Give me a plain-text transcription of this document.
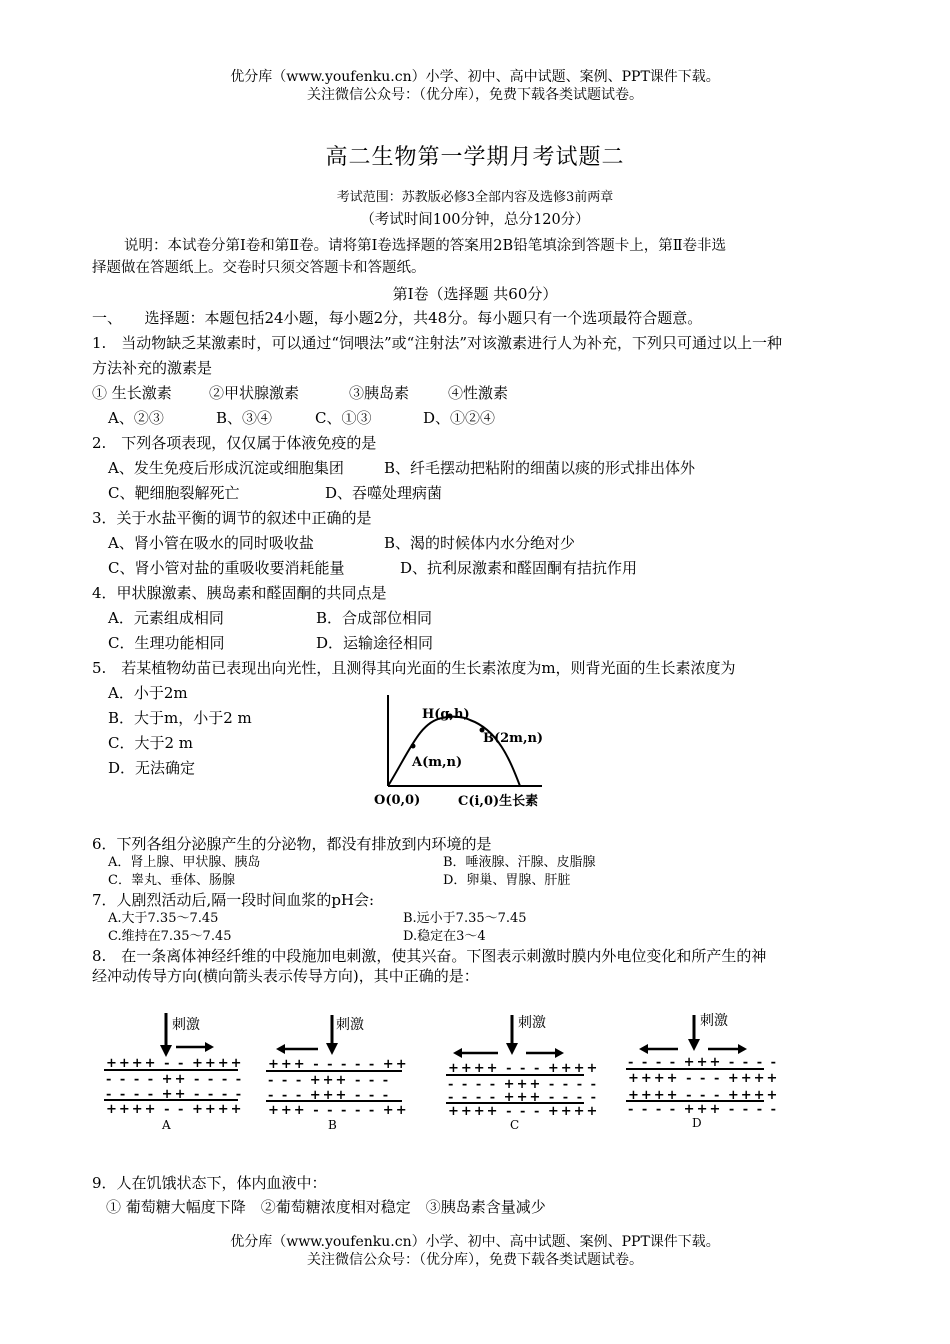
优分库（www.youfenku.cn）小学、初中、高中试题、案例、PPT课件下载。
关注微信公众号：（优分库），免费下载各类试题试卷。
高二生物第一学期月考试题二
考试范围：苏教版必修3全部内容及选修3前两章
（考试时间100分钟，总分120分）
说明：本试卷分第Ⅰ卷和第Ⅱ卷。请将第Ⅰ卷选择题的答案用2B铅笔填涂到答题卡上，第Ⅱ卷非选
择题做在答题纸上。交卷时只须交答题卡和答题纸。
第Ⅰ卷（选择题 共60分）
一、　　选择题：本题包括24小题，每小题2分，共48分。每小题只有一个选项最符合题意。
1.　当动物缺乏某激素时，可以通过“饲喂法”或“注射法”对该激素进行人为补充，下列只可通过以上一种
方法补充的激素是
① 生长激素 ②甲状腺激素	③胰岛素	④性激素
A、②③	B、③④	C、①③	D、①②④
2.　下列各项表现，仅仅属于体液免疫的是
A、发生免疫后形成沉淀或细胞集团	B、纤毛摆动把粘附的细菌以痰的形式排出体外
C、靶细胞裂解死亡	D、吞噬处理病菌
3．关于水盐平衡的调节的叙述中正确的是
A、肾小管在吸水的同时吸收盐	B、渴的时候体内水分绝对少
C、肾小管对盐的重吸收要消耗能量	D、抗利尿激素和醛固酮有拮抗作用
4．甲状腺激素、胰岛素和醛固酮的共同点是
A．元素组成相同	B．合成部位相同
C．生理功能相同	D．运输途径相同
5.　若某植物幼苗已表现出向光性，且测得其向光面的生长素浓度为m，则背光面的生长素浓度为
A．小于2m
B．大于m，小于2 m
C．大于2 m
D．无法确定
H(g,h)
A(m,n)
B(2m,n)
O(0,0)	C(i,0)生长素
6．下列各组分泌腺产生的分泌物，都没有排放到内环境的是
A．肾上腺、甲状腺、胰岛	B．唾液腺、汗腺、皮脂腺
C．睾丸、垂体、肠腺	D．卵巢、胃腺、肝脏
7．人剧烈活动后,隔一段时间血浆的pH会:
A.大于7.35～7.45	B.远小于7.35～7.45
C.维持在7.35～7.45	D.稳定在3～4
8.　在一条离体神经纤维的中段施加电刺激，使其兴奋。下图表示刺激时膜内外电位变化和所产生的神
经冲动传导方向(横向箭头表示传导方向)，其中正确的是：
刺激
++++ - - ++++
- - - - ++ - - - -
- - - - ++ - - - -
++++ - - ++++
A
刺激
+++ - - - - - ++
- - - +++ - - -
- - - +++ - - -
+++ - - - - - ++
B
刺激
++++ - - - ++++
- - - - +++ - - - -
- - - - +++ - - - -
++++ - - - ++++
C
刺激
- - - - +++ - - - -
++++ - - - ++++
++++ - - - ++++
- - - - +++ - - - -
D
9．人在饥饿状态下，体内血液中：
① 葡萄糖大幅度下降　②葡萄糖浓度相对稳定　③胰岛素含量减少
优分库（www.youfenku.cn）小学、初中、高中试题、案例、PPT课件下载。
关注微信公众号：（优分库），免费下载各类试题试卷。
